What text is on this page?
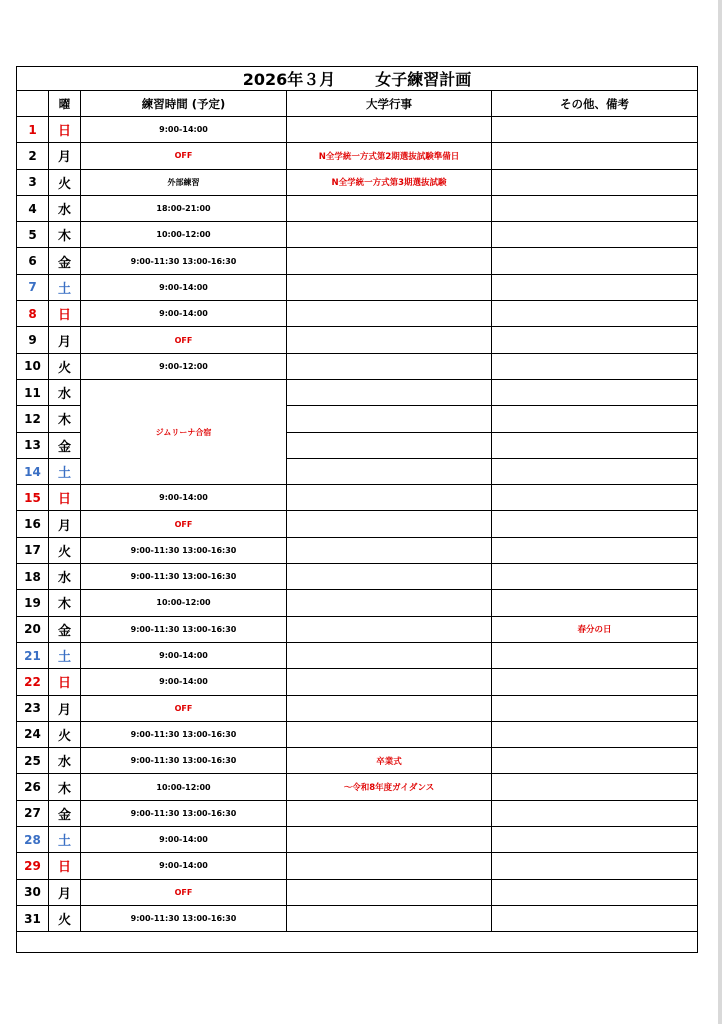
2026年３月 女子練習計画				
	曜	練習時間 (予定)	大学行事	その他、備考
1	日	9:00-14:00		
2	月	OFF	N全学統一方式第2期選抜試験準備日	
3	火	外部練習	N全学統一方式第3期選抜試験	
4	水	18:00-21:00		
5	木	10:00-12:00		
6	金	9:00-11:30 13:00-16:30		
7	土	9:00-14:00		
8	日	9:00-14:00		
9	月	OFF		
10	火	9:00-12:00		
11	水	ジムリーナ合宿		
12	木			
13	金			
14	土			
15	日	9:00-14:00		
16	月	OFF		
17	火	9:00-11:30 13:00-16:30		
18	水	9:00-11:30 13:00-16:30		
19	木	10:00-12:00		
20	金	9:00-11:30 13:00-16:30		春分の日
21	土	9:00-14:00		
22	日	9:00-14:00		
23	月	OFF		
24	火	9:00-11:30 13:00-16:30		
25	水	9:00-11:30 13:00-16:30	卒業式	
26	木	10:00-12:00	～令和8年度ガイダンス	
27	金	9:00-11:30 13:00-16:30		
28	土	9:00-14:00		
29	日	9:00-14:00		
30	月	OFF		
31	火	9:00-11:30 13:00-16:30		
